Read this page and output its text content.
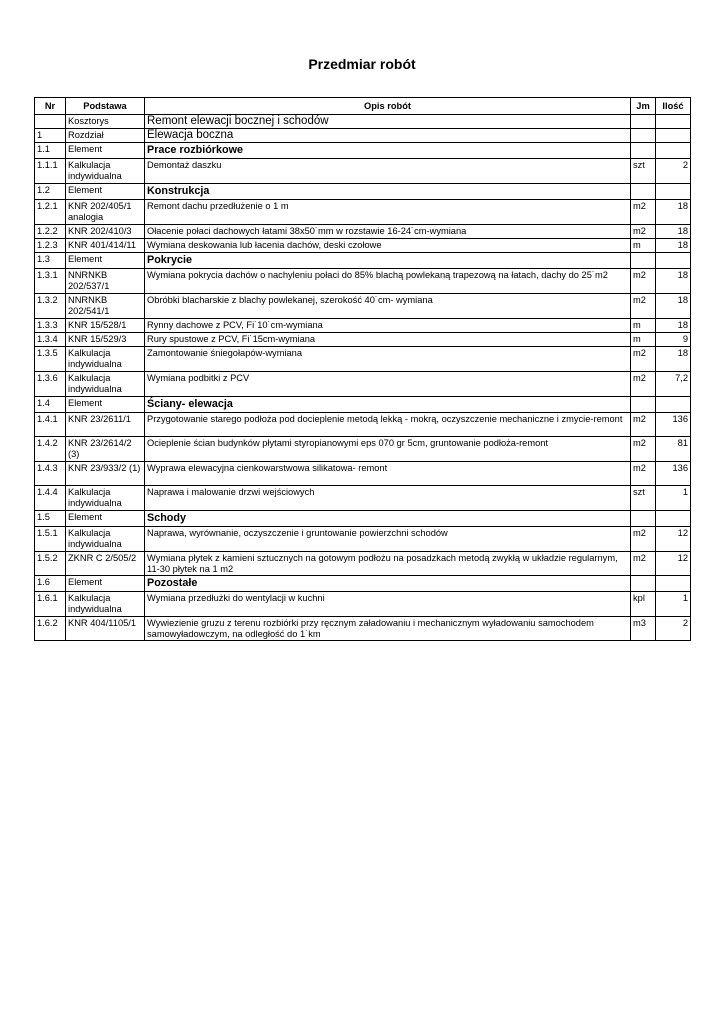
Przedmiar robót
Nr	Podstawa	Opis robót	Jm	Ilość
	Kosztorys	Remont elewacji bocznej i schodów		
1	Rozdział	Elewacja boczna		
1.1	Element	Prace rozbiórkowe		
1.1.1	Kalkulacja indywidualna	Demontaż daszku	szt	2
1.2	Element	Konstrukcja		
1.2.1	KNR 202/405/1 analogia	Remont dachu przedłużenie o 1 m	m2	18
1.2.2	KNR 202/410/3	Ołacenie połaci dachowych łatami 38x50˙mm w rozstawie 16-24˙cm-wymiana	m2	18
1.2.3	KNR 401/414/11	Wymiana deskowania lub łacenia dachów, deski czołowe	m	18
1.3	Element	Pokrycie		
1.3.1	NNRNKB 202/537/1	Wymiana pokrycia dachów o nachyleniu połaci do 85% blachą powlekaną trapezową na łatach, dachy do 25˙m2	m2	18
1.3.2	NNRNKB 202/541/1	Obróbki blacharskie z blachy powlekanej, szerokość 40˙cm- wymiana	m2	18
1.3.3	KNR 15/528/1	Rynny dachowe z PCV, Fi˙10˙cm-wymiana	m	18
1.3.4	KNR 15/529/3	Rury spustowe z PCV, Fi˙15cm-wymiana	m	9
1.3.5	Kalkulacja indywidualna	Zamontowanie śniegołapów-wymiana	m2	18
1.3.6	Kalkulacja indywidualna	Wymiana podbitki z PCV	m2	7,2
1.4	Element	Ściany- elewacja		
1.4.1	KNR 23/2611/1	Przygotowanie starego podłoża pod docieplenie metodą lekką - mokrą, oczyszczenie mechaniczne i zmycie-remont	m2	136
1.4.2	KNR 23/2614/2 (3)	Ocieplenie ścian budynków płytami styropianowymi eps 070 gr 5cm, gruntowanie podłoża-remont	m2	81
1.4.3	KNR 23/933/2 (1)	Wyprawa elewacyjna cienkowarstwowa silikatowa- remont	m2	136
1.4.4	Kalkulacja indywidualna	Naprawa i malowanie drzwi wejściowych	szt	1
1.5	Element	Schody		
1.5.1	Kalkulacja indywidualna	Naprawa, wyrównanie, oczyszczenie i gruntowanie powierzchni schodów	m2	12
1.5.2	ZKNR C 2/505/2	Wymiana płytek z kamieni sztucznych na gotowym podłożu na posadzkach metodą zwykłą w układzie regularnym, 11-30 płytek na 1 m2	m2	12
1.6	Element	Pozostałe		
1.6.1	Kalkulacja indywidualna	Wymiana przedłużki do wentylacji w kuchni	kpl	1
1.6.2	KNR 404/1105/1	Wywiezienie gruzu z terenu rozbiórki przy ręcznym załadowaniu i mechanicznym wyładowaniu samochodem samowyładowczym, na odległość do 1˙km	m3	2
